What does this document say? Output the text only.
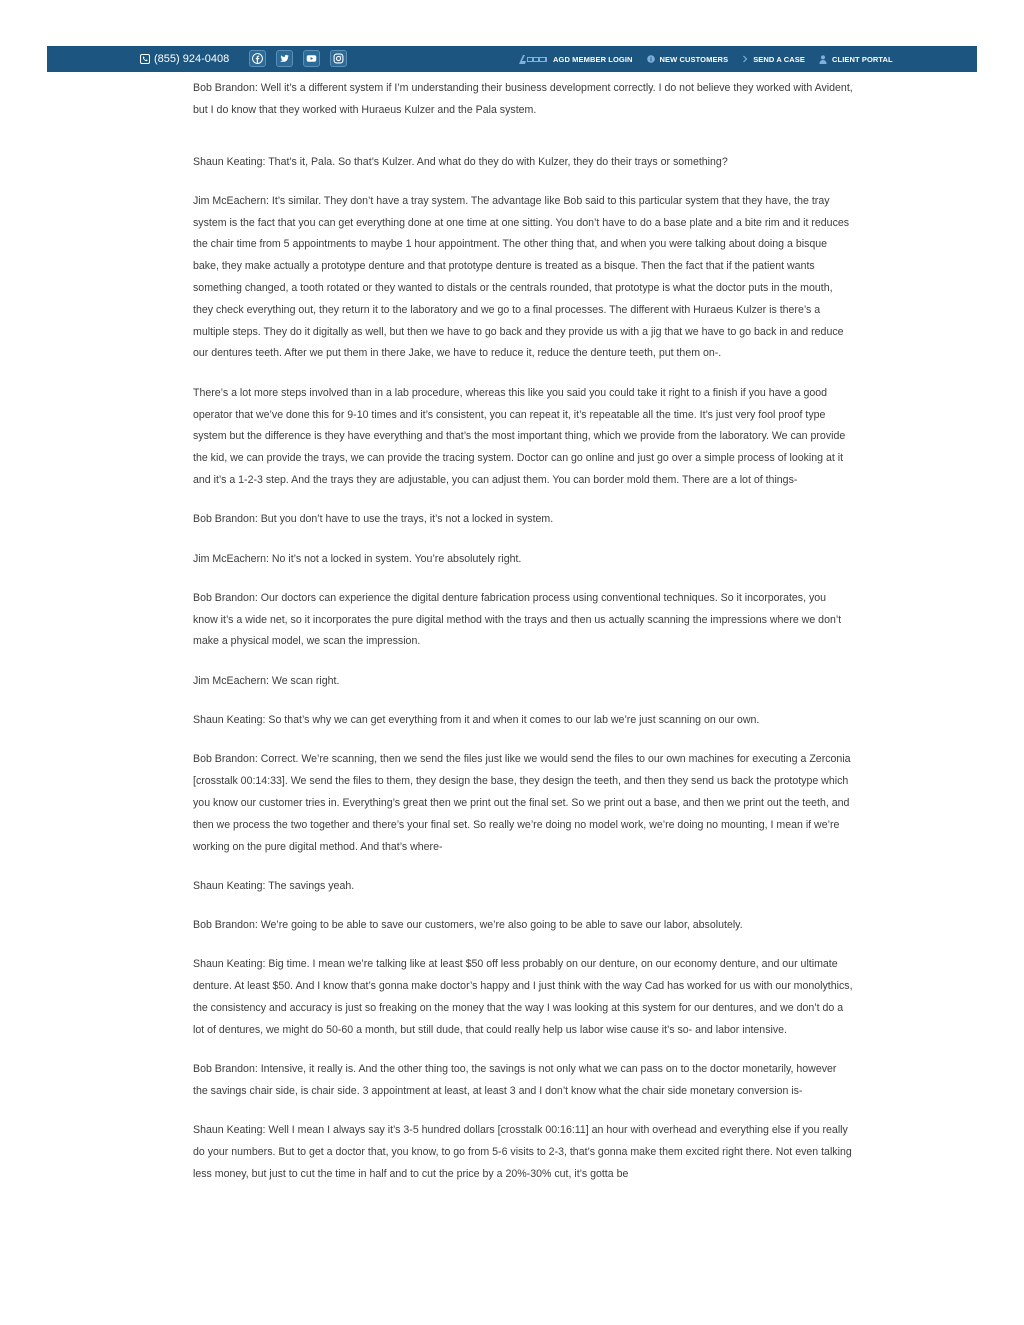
(855) 924-0408	AGD MEMBER LOGIN	NEW CUSTOMERS	SEND A CASE	CLIENT PORTAL

Bob Brandon: Well it’s a different system if I’m understanding their business development correctly. I do not believe they worked with Avident, but I do know that they worked with Huraeus Kulzer and the Pala system.

Shaun Keating: That’s it, Pala. So that’s Kulzer. And what do they do with Kulzer, they do their trays or something?

Jim McEachern: It’s similar. They don’t have a tray system. The advantage like Bob said to this particular system that they have, the tray system is the fact that you can get everything done at one time at one sitting. You don’t have to do a base plate and a bite rim and it reduces the chair time from 5 appointments to maybe 1 hour appointment. The other thing that, and when you were talking about doing a bisque bake, they make actually a prototype denture and that prototype denture is treated as a bisque. Then the fact that if the patient wants something changed, a tooth rotated or they wanted to distals or the centrals rounded, that prototype is what the doctor puts in the mouth, they check everything out, they return it to the laboratory and we go to a final processes. The different with Huraeus Kulzer is there’s a multiple steps. They do it digitally as well, but then we have to go back and they provide us with a jig that we have to go back in and reduce our dentures teeth. After we put them in there Jake, we have to reduce it, reduce the denture teeth, put them on-.

There’s a lot more steps involved than in a lab procedure, whereas this like you said you could take it right to a finish if you have a good operator that we’ve done this for 9-10 times and it’s consistent, you can repeat it, it’s repeatable all the time. It’s just very fool proof type system but the difference is they have everything and that’s the most important thing, which we provide from the laboratory. We can provide the kid, we can provide the trays, we can provide the tracing system. Doctor can go online and just go over a simple process of looking at it and it’s a 1-2-3 step. And the trays they are adjustable, you can adjust them. You can border mold them. There are a lot of things-

Bob Brandon: But you don’t have to use the trays, it’s not a locked in system.

Jim McEachern: No it’s not a locked in system. You’re absolutely right.

Bob Brandon: Our doctors can experience the digital denture fabrication process using conventional techniques. So it incorporates, you know it’s a wide net, so it incorporates the pure digital method with the trays and then us actually scanning the impressions where we don’t make a physical model, we scan the impression.

Jim McEachern: We scan right.

Shaun Keating: So that’s why we can get everything from it and when it comes to our lab we’re just scanning on our own.

Bob Brandon: Correct. We’re scanning, then we send the files just like we would send the files to our own machines for executing a Zerconia [crosstalk 00:14:33]. We send the files to them, they design the base, they design the teeth, and then they send us back the prototype which you know our customer tries in. Everything’s great then we print out the final set. So we print out a base, and then we print out the teeth, and then we process the two together and there’s your final set. So really we’re doing no model work, we’re doing no mounting, I mean if we’re working on the pure digital method. And that’s where-

Shaun Keating: The savings yeah.

Bob Brandon: We’re going to be able to save our customers, we’re also going to be able to save our labor, absolutely.

Shaun Keating: Big time. I mean we’re talking like at least $50 off less probably on our denture, on our economy denture, and our ultimate denture. At least $50. And I know that’s gonna make doctor’s happy and I just think with the way Cad has worked for us with our monolythics, the consistency and accuracy is just so freaking on the money that the way I was looking at this system for our dentures, and we don’t do a lot of dentures, we might do 50-60 a month, but still dude, that could really help us labor wise cause it’s so- and labor intensive.

Bob Brandon: Intensive, it really is. And the other thing too, the savings is not only what we can pass on to the doctor monetarily, however the savings chair side, is chair side. 3 appointment at least, at least 3 and I don’t know what the chair side monetary conversion is-

Shaun Keating: Well I mean I always say it’s 3-5 hundred dollars [crosstalk 00:16:11] an hour with overhead and everything else if you really do your numbers. But to get a doctor that, you know, to go from 5-6 visits to 2-3, that’s gonna make them excited right there. Not even talking less money, but just to cut the time in half and to cut the price by a 20%-30% cut, it’s gotta be
